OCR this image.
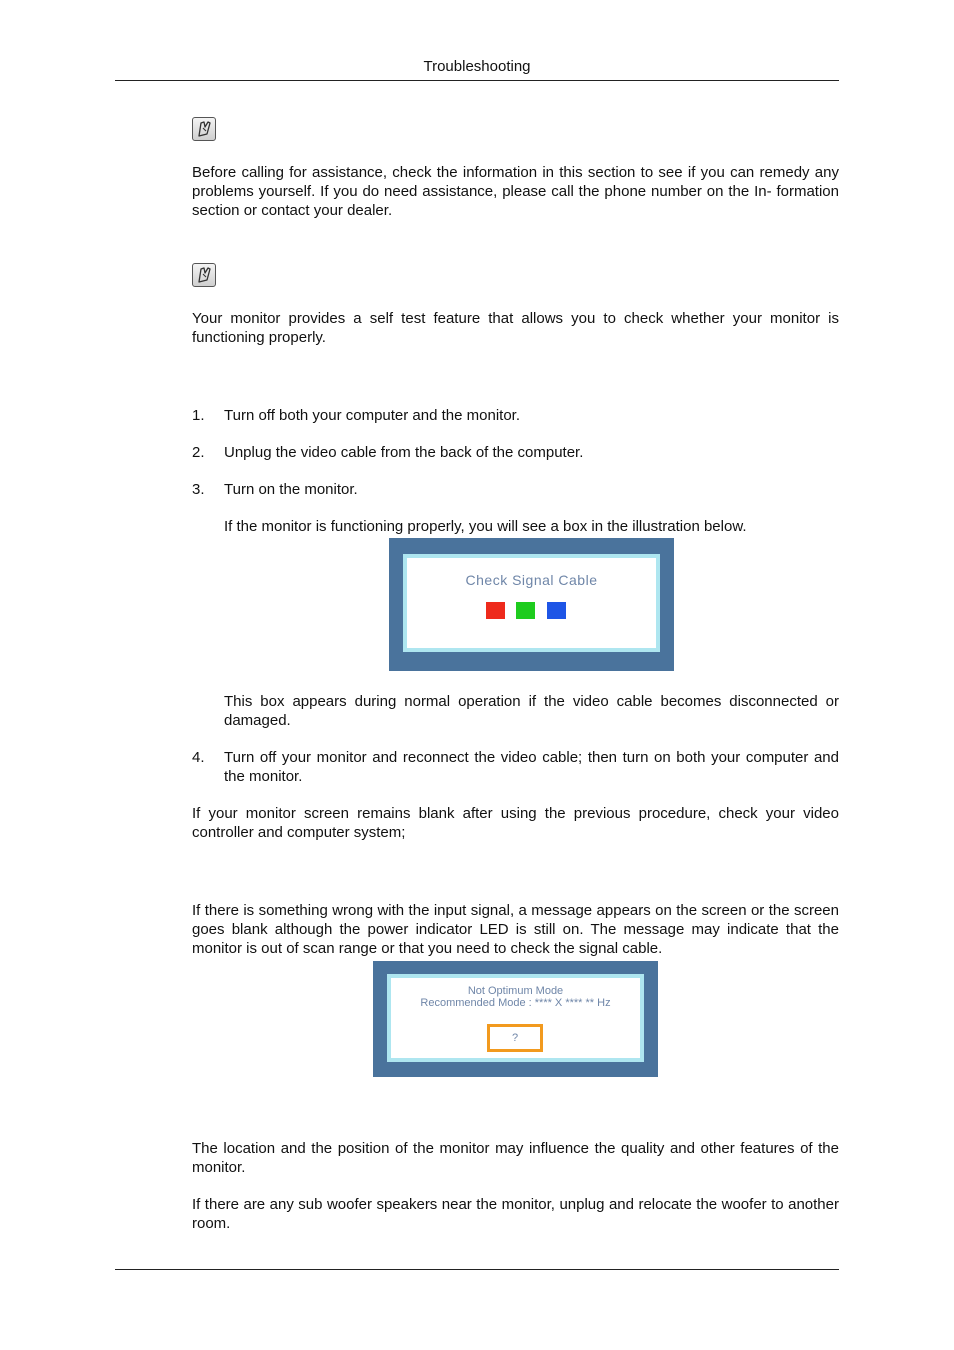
Troubleshooting
Before calling for assistance, check the information in this section to see if you can remedy any problems yourself. If you do need assistance, please call the phone number on the In- formation section or contact your dealer.
Your monitor provides a self test feature that allows you to check whether your monitor is functioning properly.
1. Turn off both your computer and the monitor.
2. Unplug the video cable from the back of the computer.
3. Turn on the monitor.
If the monitor is functioning properly, you will see a box in the illustration below.
Check Signal Cable
This box appears during normal operation if the video cable becomes disconnected or damaged.
4. Turn off your monitor and reconnect the video cable; then turn on both your computer and the monitor.
If your monitor screen remains blank after using the previous procedure, check your video controller and computer system;
If there is something wrong with the input signal, a message appears on the screen or the screen goes blank although the power indicator LED is still on. The message may indicate that the monitor is out of scan range or that you need to check the signal cable.
Not Optimum Mode
Recommended Mode : **** X **** ** Hz
?
The location and the position of the monitor may influence the quality and other features of the monitor.
If there are any sub woofer speakers near the monitor, unplug and relocate the woofer to another room.
